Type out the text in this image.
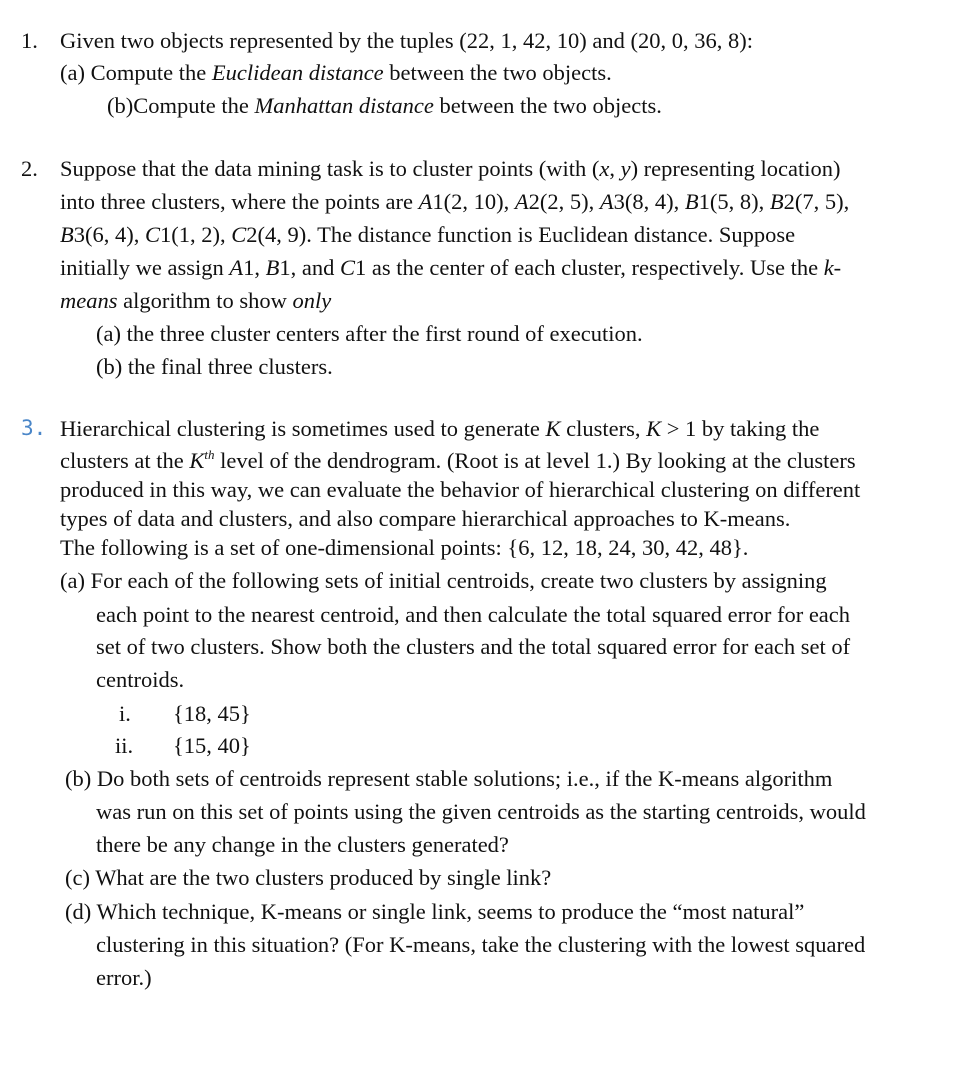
1. Given two objects represented by the tuples (22, 1, 42, 10) and (20, 0, 36, 8):
(a) Compute the Euclidean distance between the two objects.
(b)Compute the Manhattan distance between the two objects.
2. Suppose that the data mining task is to cluster points (with (x, y) representing location)
into three clusters, where the points are A1(2, 10), A2(2, 5), A3(8, 4), B1(5, 8), B2(7, 5),
B3(6, 4), C1(1, 2), C2(4, 9). The distance function is Euclidean distance. Suppose
initially we assign A1, B1, and C1 as the center of each cluster, respectively. Use the k-
means algorithm to show only
(a) the three cluster centers after the first round of execution.
(b) the final three clusters.
3. Hierarchical clustering is sometimes used to generate K clusters, K > 1 by taking the
clusters at the $K^{th}$ level of the dendrogram. (Root is at level 1.) By looking at the clusters
produced in this way, we can evaluate the behavior of hierarchical clustering on different
types of data and clusters, and also compare hierarchical approaches to K-means.
The following is a set of one-dimensional points: {6, 12, 18, 24, 30, 42, 48}.
(a) For each of the following sets of initial centroids, create two clusters by assigning
each point to the nearest centroid, and then calculate the total squared error for each
set of two clusters. Show both the clusters and the total squared error for each set of
centroids.
i. {18, 45}
ii. {15, 40}
(b) Do both sets of centroids represent stable solutions; i.e., if the K-means algorithm
was run on this set of points using the given centroids as the starting centroids, would
there be any change in the clusters generated?
(c) What are the two clusters produced by single link?
(d) Which technique, K-means or single link, seems to produce the “most natural”
clustering in this situation? (For K-means, take the clustering with the lowest squared
error.)
